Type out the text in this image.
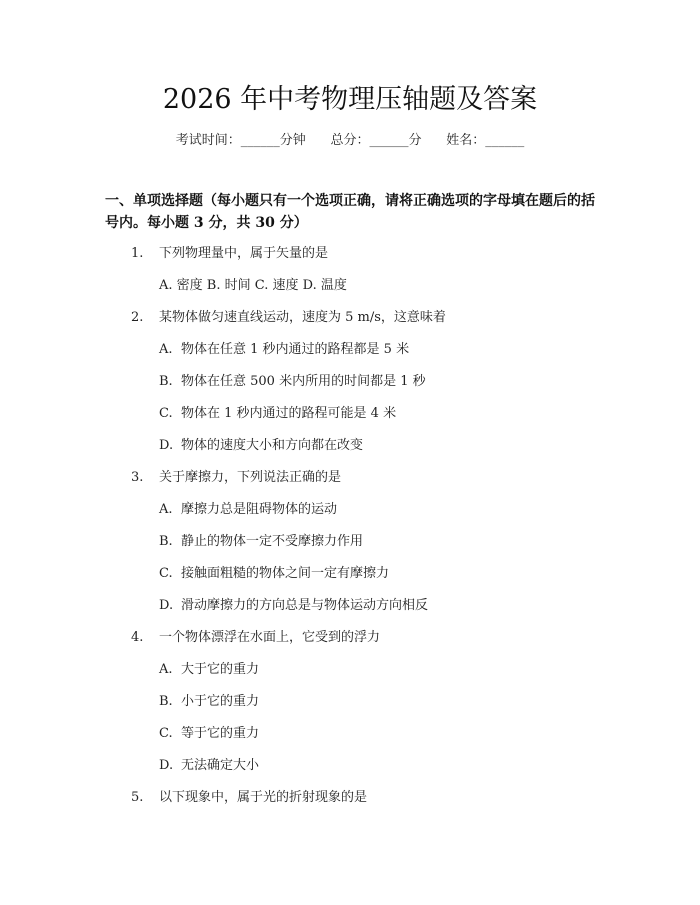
2026 年中考物理压轴题及答案
考试时间：______分钟      总分：______分      姓名：______
一、单项选择题（每小题只有一个选项正确，请将正确选项的字母填在题后的括号内。每小题 3 分，共 30 分）
1. 下列物理量中，属于矢量的是
A. 密度 B. 时间 C. 速度 D. 温度
2. 某物体做匀速直线运动，速度为 5 m/s，这意味着
A. 物体在任意 1 秒内通过的路程都是 5 米
B. 物体在任意 500 米内所用的时间都是 1 秒
C. 物体在 1 秒内通过的路程可能是 4 米
D. 物体的速度大小和方向都在改变
3. 关于摩擦力，下列说法正确的是
A. 摩擦力总是阻碍物体的运动
B. 静止的物体一定不受摩擦力作用
C. 接触面粗糙的物体之间一定有摩擦力
D. 滑动摩擦力的方向总是与物体运动方向相反
4. 一个物体漂浮在水面上，它受到的浮力
A. 大于它的重力
B. 小于它的重力
C. 等于它的重力
D. 无法确定大小
5. 以下现象中，属于光的折射现象的是
